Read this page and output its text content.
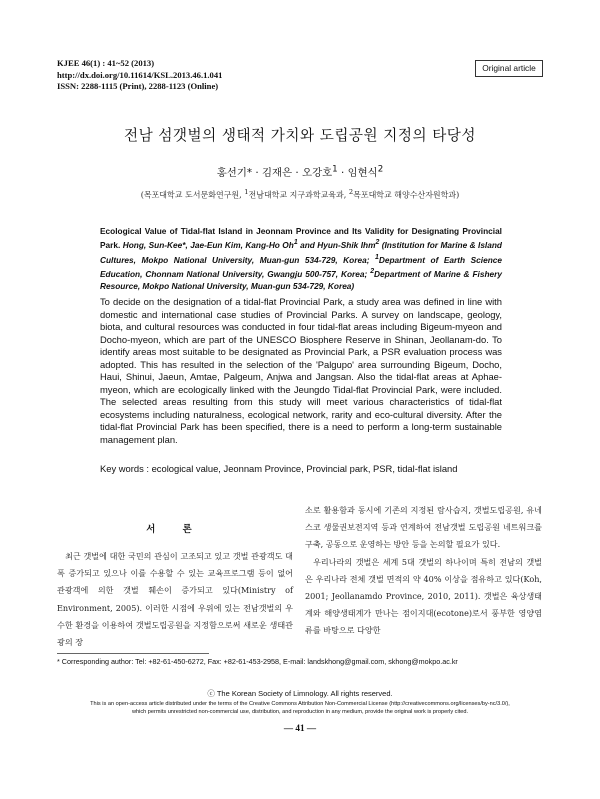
KJEE 46(1) : 41~52 (2013)
http://dx.doi.org/10.11614/KSL.2013.46.1.041
ISSN: 2288-1115 (Print), 2288-1123 (Online)
Original article
전남 섬갯벌의 생태적 가치와 도립공원 지정의 타당성
홍선기* · 김재은 · 오강호$^1$ · 임현식$^2$
(목포대학교 도서문화연구원, $^1$전남대학교 지구과학교육과, $^2$목포대학교 해양수산자원학과)
Ecological Value of Tidal-flat Island in Jeonnam Province and Its Validity for Designating Provincial Park. Hong, Sun-Kee*, Jae-Eun Kim, Kang-Ho Oh$^1$ and Hyun-Shik Ihm$^2$ (Institution for Marine & Island Cultures, Mokpo National University, Muan-gun 534-729, Korea; $^1$Department of Earth Science Education, Chonnam National University, Gwangju 500-757, Korea; $^2$Department of Marine & Fishery Resource, Mokpo National University, Muan-gun 534-729, Korea)
To decide on the designation of a tidal-flat Provincial Park, a study area was defined in line with domestic and international case studies of Provincial Parks. A survey on landscape, geology, biota, and cultural resources was conducted in four tidal-flat areas including Bigeum-myeon and Docho-myeon, which are part of the UNESCO Biosphere Reserve in Shinan, Jeollanam-do. To identify areas most suitable to be designated as Provincial Park, a PSR evaluation process was adopted. This has resulted in the selection of the 'Palgupo' area surrounding Bigeum, Docho, Haui, Shinui, Jaeun, Amtae, Palgeum, Anjwa and Jangsan. Also the tidal-flat areas at Aphae-myeon, which are ecologically linked with the Jeungdo Tidal-flat Provincial Park, were included. The selected areas resulting from this study will meet various characteristics of tidal-flat ecosystems including naturalness, ecological network, rarity and eco-cultural diversity. After the tidal-flat Provincial Park has been specified, there is a need to perform a long-term sustainable management plan.
Key words : ecological value, Jeonnam Province, Provincial park, PSR, tidal-flat island
서 론

최근 갯벌에 대한 국민의 관심이 고조되고 있고 갯벌 관광객도 대폭 증가되고 있으나 이를 수용할 수 있는 교육프로그램 등이 없어 관광객에 의한 갯벌 훼손이 증가되고 있다(Ministry of Environment, 2005). 이러한 시점에 우위에 있는 전남갯벌의 우수한 환경을 이용하여 갯벌도립공원을 지정함으로써 새로운 생태관광의 장

소로 활용함과 동시에 기존의 지정된 람사습지, 갯벌도립공원, 유네스코 생물권보전지역 등과 연계하여 전남갯벌 도립공원 네트워크를 구축, 공동으로 운영하는 방안 등을 논의할 필요가 있다.

우리나라의 갯벌은 세계 5대 갯벌의 하나이며 특히 전남의 갯벌은 우리나라 전체 갯벌 면적의 약 40% 이상을 점유하고 있다(Koh, 2001; Jeollanamdo Province, 2010, 2011). 갯벌은 육상생태계와 해양생태계가 만나는 점이지대(ecotone)로서 풍부한 영양염류를 바탕으로 다양한

* Corresponding author: Tel: +82-61-450-6272, Fax: +82-61-453-2958, E-mail: landskhong@gmail.com, skhong@mokpo.ac.kr
ⓒ The Korean Society of Limnology. All rights reserved.
This is an open-access article distributed under the terms of the Creative Commons Attribution Non-Commercial License (http://creativecommons.org/licenses/by-nc/3.0/),
which permits unrestricted non-commercial use, distribution, and reproduction in any medium, provide the original work is properly cited.
— 41 —
